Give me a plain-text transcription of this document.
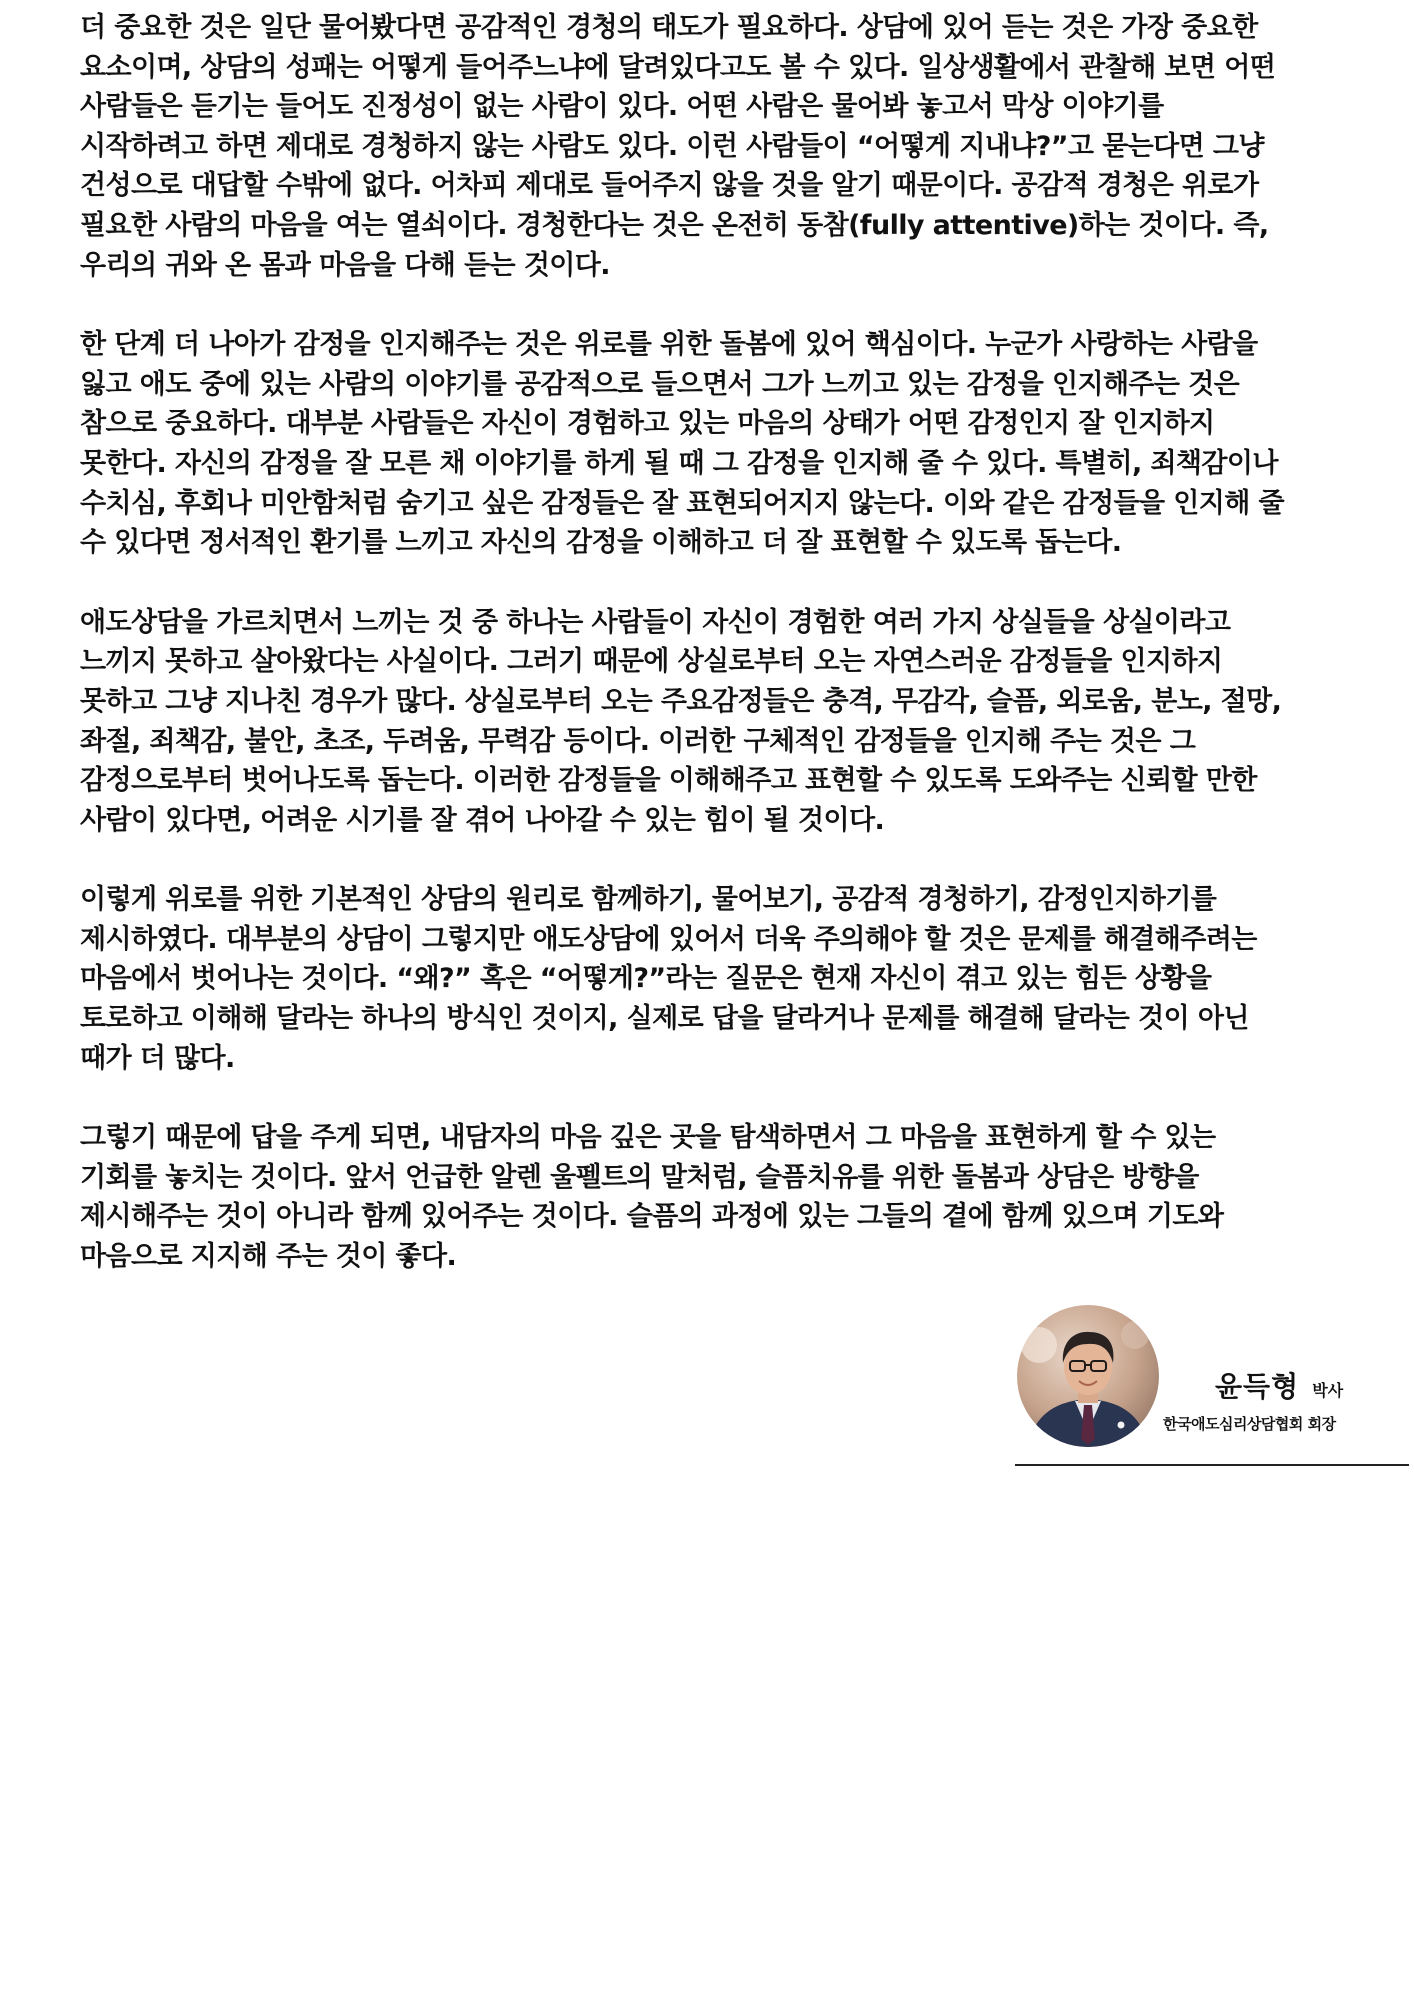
더 중요한 것은 일단 물어봤다면 공감적인 경청의 태도가 필요하다. 상담에 있어 듣는 것은 가장 중요한 요소이며, 상담의 성패는 어떻게 들어주느냐에 달려있다고도 볼 수 있다. 일상생활에서 관찰해 보면 어떤 사람들은 듣기는 들어도 진정성이 없는 사람이 있다. 어떤 사람은 물어봐 놓고서 막상 이야기를 시작하려고 하면 제대로 경청하지 않는 사람도 있다. 이런 사람들이 “어떻게 지내냐?”고 묻는다면 그냥 건성으로 대답할 수밖에 없다. 어차피 제대로 들어주지 않을 것을 알기 때문이다. 공감적 경청은 위로가 필요한 사람의 마음을 여는 열쇠이다. 경청한다는 것은 온전히 동참(fully attentive)하는 것이다. 즉, 우리의 귀와 온 몸과 마음을 다해 듣는 것이다.

한 단계 더 나아가 감정을 인지해주는 것은 위로를 위한 돌봄에 있어 핵심이다. 누군가 사랑하는 사람을 잃고 애도 중에 있는 사람의 이야기를 공감적으로 들으면서 그가 느끼고 있는 감정을 인지해주는 것은 참으로 중요하다. 대부분 사람들은 자신이 경험하고 있는 마음의 상태가 어떤 감정인지 잘 인지하지 못한다. 자신의 감정을 잘 모른 채 이야기를 하게 될 때 그 감정을 인지해 줄 수 있다. 특별히, 죄책감이나 수치심, 후회나 미안함처럼 숨기고 싶은 감정들은 잘 표현되어지지 않는다. 이와 같은 감정들을 인지해 줄 수 있다면 정서적인 환기를 느끼고 자신의 감정을 이해하고 더 잘 표현할 수 있도록 돕는다.

애도상담을 가르치면서 느끼는 것 중 하나는 사람들이 자신이 경험한 여러 가지 상실들을 상실이라고 느끼지 못하고 살아왔다는 사실이다. 그러기 때문에 상실로부터 오는 자연스러운 감정들을 인지하지 못하고 그냥 지나친 경우가 많다. 상실로부터 오는 주요감정들은 충격, 무감각, 슬픔, 외로움, 분노, 절망, 좌절, 죄책감, 불안, 초조, 두려움, 무력감 등이다. 이러한 구체적인 감정들을 인지해 주는 것은 그 감정으로부터 벗어나도록 돕는다. 이러한 감정들을 이해해주고 표현할 수 있도록 도와주는 신뢰할 만한 사람이 있다면, 어려운 시기를 잘 겪어 나아갈 수 있는 힘이 될 것이다.

이렇게 위로를 위한 기본적인 상담의 원리로 함께하기, 물어보기, 공감적 경청하기, 감정인지하기를 제시하였다. 대부분의 상담이 그렇지만 애도상담에 있어서 더욱 주의해야 할 것은 문제를 해결해주려는 마음에서 벗어나는 것이다. “왜?” 혹은 “어떻게?”라는 질문은 현재 자신이 겪고 있는 힘든 상황을 토로하고 이해해 달라는 하나의 방식인 것이지, 실제로 답을 달라거나 문제를 해결해 달라는 것이 아닌 때가 더 많다.

그렇기 때문에 답을 주게 되면, 내담자의 마음 깊은 곳을 탐색하면서 그 마음을 표현하게 할 수 있는 기회를 놓치는 것이다. 앞서 언급한 알렌 울펠트의 말처럼, 슬픔치유를 위한 돌봄과 상담은 방향을 제시해주는 것이 아니라 함께 있어주는 것이다. 슬픔의 과정에 있는 그들의 곁에 함께 있으며 기도와 마음으로 지지해 주는 것이 좋다.

윤득형 박사
한국애도심리상담협회 회장
